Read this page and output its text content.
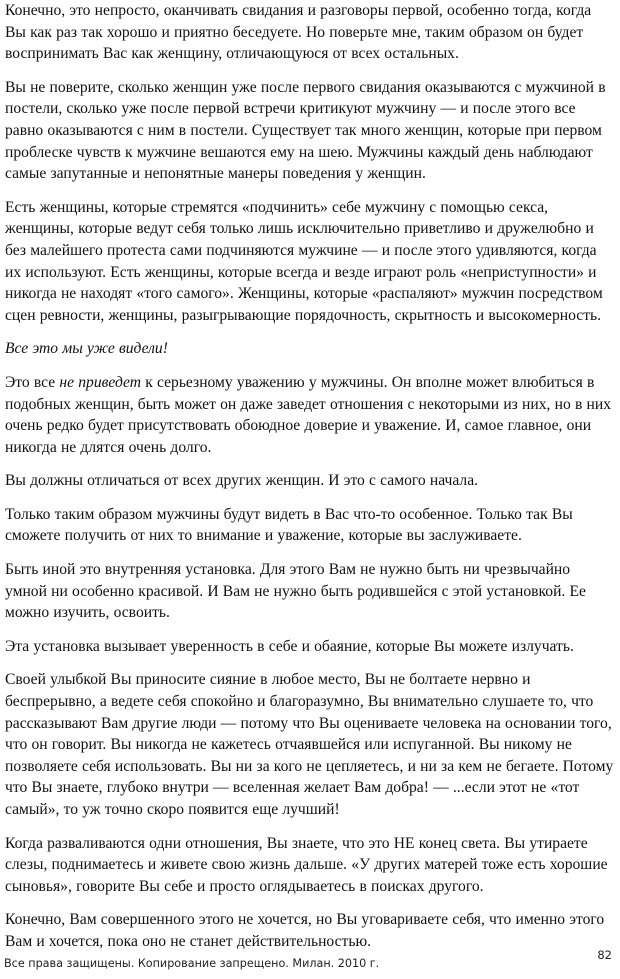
Конечно, это непросто, оканчивать свидания и разговоры первой, особенно тогда, когда Вы как раз так хорошо и приятно беседуете. Но поверьте мне, таким образом он будет воспринимать Вас как женщину, отличающуюся от всех остальных.

Вы не поверите, сколько женщин уже после первого свидания оказываются с мужчиной в постели, сколько уже после первой встречи критикуют мужчину — и после этого все равно оказываются с ним в постели. Существует так много женщин, которые при первом проблеске чувств к мужчине вешаются ему на шею. Мужчины каждый день наблюдают самые запутанные и непонятные манеры поведения у женщин.

Есть женщины, которые стремятся «подчинить» себе мужчину с помощью секса, женщины, которые ведут себя только лишь исключительно приветливо и дружелюбно и без малейшего протеста сами подчиняются мужчине — и после этого удивляются, когда их используют. Есть женщины, которые всегда и везде играют роль «неприступности» и никогда не находят «того самого». Женщины, которые «распаляют» мужчин посредством сцен ревности, женщины, разыгрывающие порядочность, скрытность и высокомерность.

Все это мы уже видели!

Это все не приведет к серьезному уважению у мужчины. Он вполне может влюбиться в подобных женщин, быть может он даже заведет отношения с некоторыми из них, но в них очень редко будет присутствовать обоюдное доверие и уважение. И, самое главное, они никогда не длятся очень долго.

Вы должны отличаться от всех других женщин. И это с самого начала.

Только таким образом мужчины будут видеть в Вас что-то особенное. Только так Вы сможете получить от них то внимание и уважение, которые вы заслуживаете.

Быть иной это внутренняя установка. Для этого Вам не нужно быть ни чрезвычайно умной ни особенно красивой. И Вам не нужно быть родившейся с этой установкой. Ее можно изучить, освоить.

Эта установка вызывает уверенность в себе и обаяние, которые Вы можете излучать.

Своей улыбкой Вы приносите сияние в любое место, Вы не болтаете нервно и беспрерывно, а ведете себя спокойно и благоразумно, Вы внимательно слушаете то, что рассказывают Вам другие люди — потому что Вы оцениваете человека на основании того, что он говорит. Вы никогда не кажетесь отчаявшейся или испуганной. Вы никому не позволяете себя использовать. Вы ни за кого не цепляетесь, и ни за кем не бегаете. Потому что Вы знаете, глубоко внутри — вселенная желает Вам добра! — ...если этот не «тот самый», то уж точно скоро появится еще лучший!

Когда разваливаются одни отношения, Вы знаете, что это НЕ конец света. Вы утираете слезы, поднимаетесь и живете свою жизнь дальше. «У других матерей тоже есть хорошие сыновья», говорите Вы себе и просто оглядываетесь в поисках другого.

Конечно, Вам совершенного этого не хочется, но Вы уговариваете себя, что именно этого Вам и хочется, пока оно не станет действительностью.

Все права защищены. Копирование запрещено. Милан. 2010 г.
82
